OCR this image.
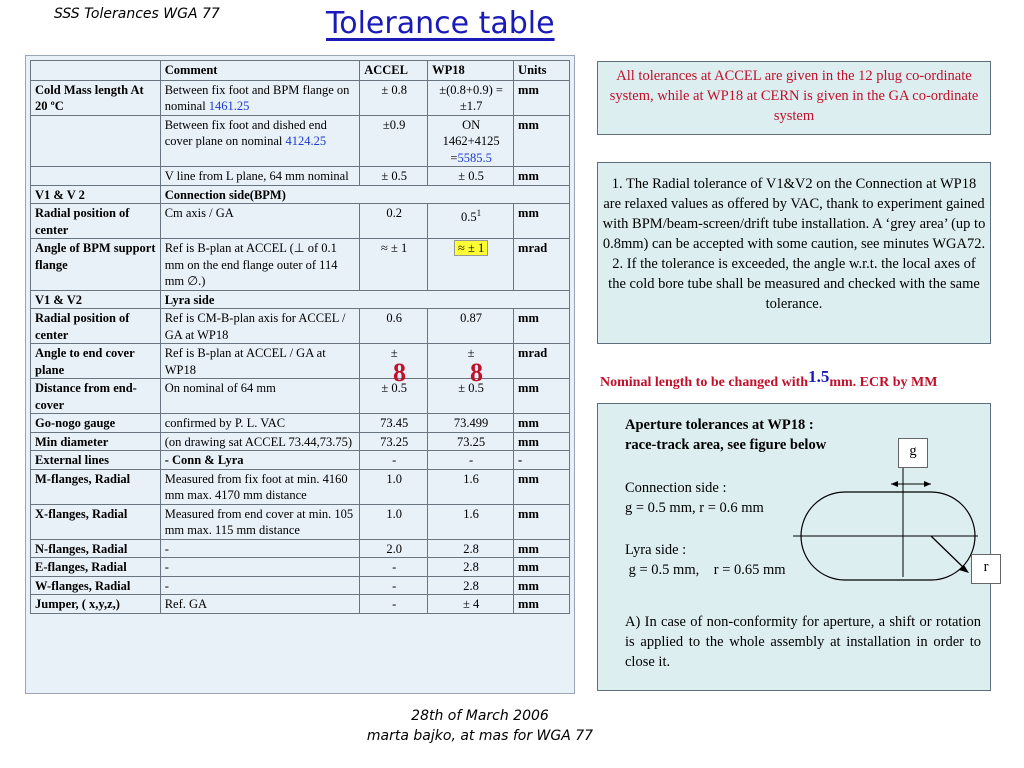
SSS Tolerances WGA 77	Tolerance table
	Comment	ACCEL	WP18	Units
Cold Mass length At 20 ºC	Between fix foot and BPM flange on nominal 1461.25	± 0.8	±(0.8+0.9) = ±1.7	mm
	Between fix foot and dished end cover plane on nominal 4124.25	±0.9	ON 1462+4125 =5585.5	mm
	V line from L plane, 64 mm nominal	± 0.5	± 0.5	mm
V1 & V 2	Connection side(BPM)			
Radial position of center	Cm axis / GA	0.2	$0.5^1$	mm
Angle of BPM support flange	Ref is B-plan at ACCEL (⊥ of 0.1 mm on the end flange outer of 114 mm ∅.)	≈ ± 1	≈ ± 1	mrad
V1 & V2	Lyra side			
Radial position of center	Ref is CM-B-plan axis for ACCEL / GA at WP18	0.6	0.87	mm
Angle to end cover plane	Ref is B-plan at ACCEL / GA at WP18	±	±	mrad
Distance from end-cover	On nominal of 64 mm	± 0.5	± 0.5	mm
Go-nogo gauge	confirmed by P. L. VAC	73.45	73.499	mm
Min diameter	(on drawing sat ACCEL 73.44,73.75)	73.25	73.25	mm
External lines	- Conn & Lyra	-	-	-
M-flanges, Radial	Measured from fix foot at min. 4160 mm max. 4170 mm distance	1.0	1.6	mm
X-flanges, Radial	Measured from end cover at min. 105 mm max. 115 mm distance	1.0	1.6	mm
N-flanges, Radial	-	2.0	2.8	mm
E-flanges, Radial	-	-	2.8	mm
W-flanges, Radial	-	-	2.8	mm
Jumper, ( x,y,z,)	Ref. GA	-	± 4	mm
8 8
All tolerances at ACCEL are given in the 12 plug co-ordinate system, while at WP18 at CERN is given in the GA co-ordinate system
1. The Radial tolerance of V1&V2 on the Connection at WP18 are relaxed values as offered by VAC, thank to experiment gained with BPM/beam-screen/drift tube installation. A ‘grey area’ (up to 0.8mm) can be accepted with some caution, see minutes WGA72.
2. If the tolerance is exceeded, the angle w.r.t. the local axes of the cold bore tube shall be measured and checked with the same tolerance.
Nominal length to be changed with1.5mm. ECR by MM
Aperture tolerances at WP18 :
race-track area, see figure below
Connection side :
g = 0.5 mm, r = 0.6 mm
Lyra side :
g = 0.5 mm,    r = 0.65 mm
A) In case of non-conformity for aperture, a shift or rotation is applied to the whole assembly at installation in order to close it.
g
r
28th of March 2006
marta bajko, at mas for WGA 77
